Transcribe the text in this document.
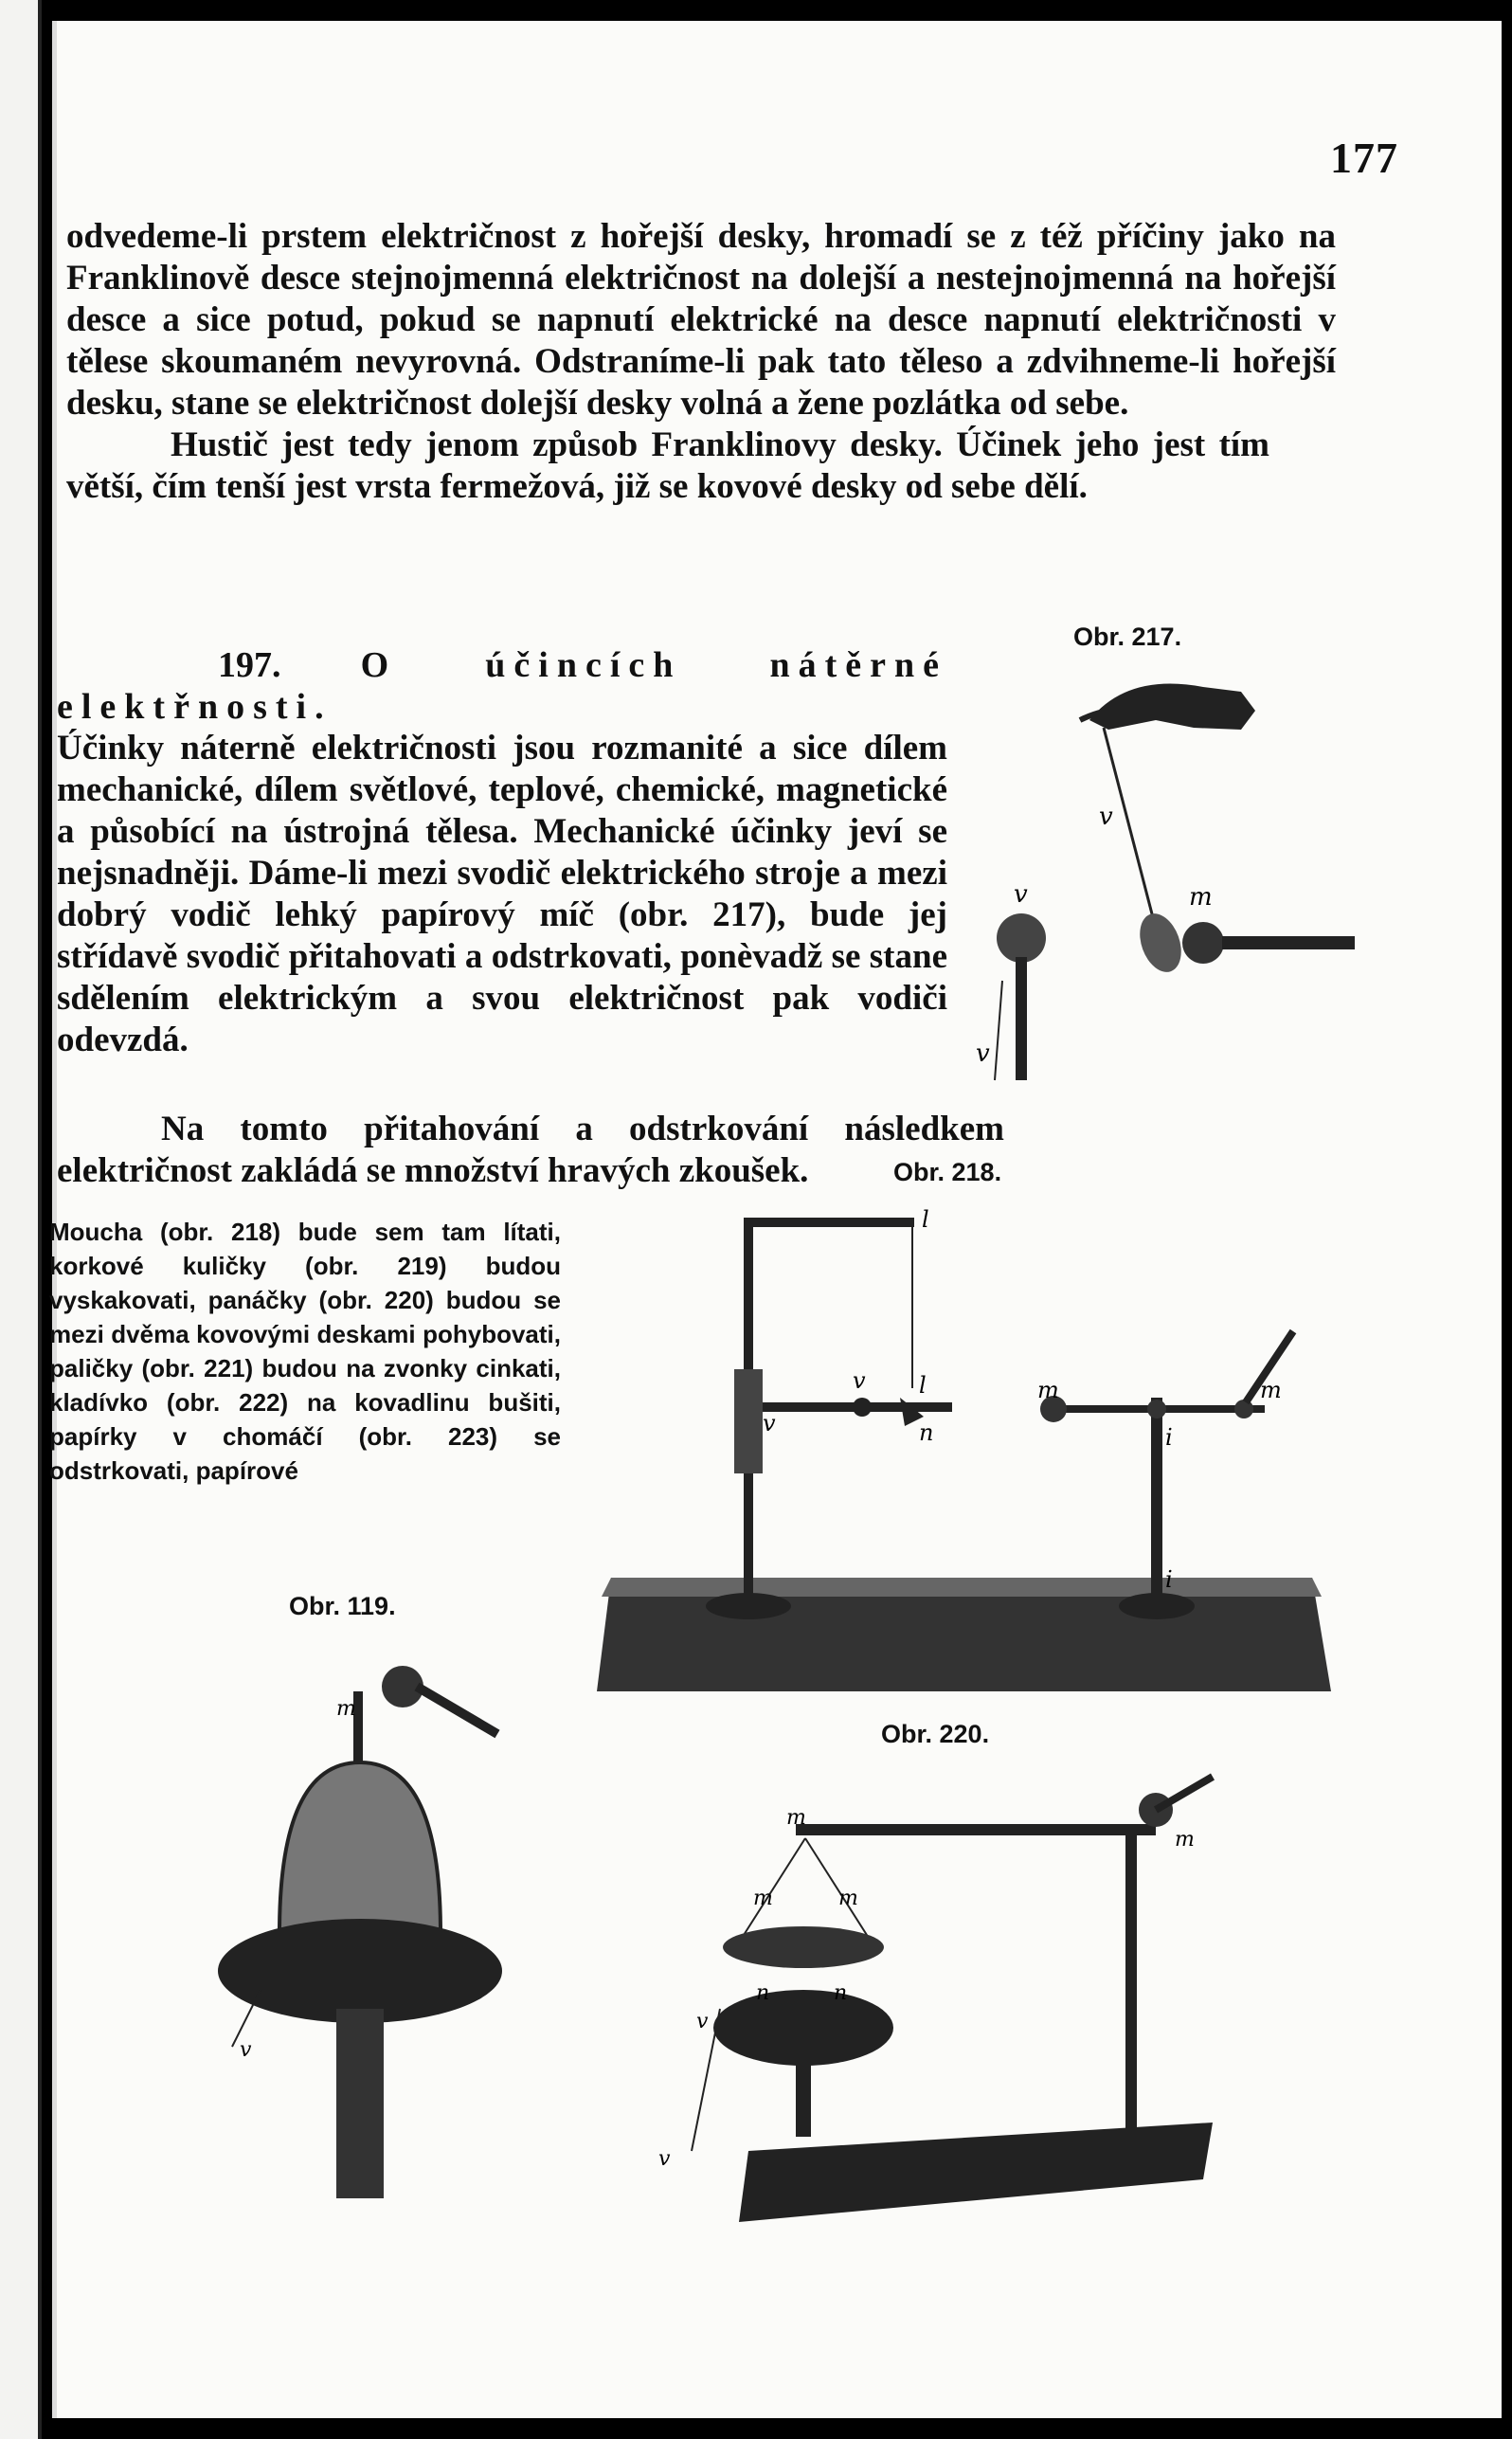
177
odvedeme-li prstem električnost z hořejší desky, hromadí se z též příčiny jako na Franklinově desce stejnojmenná električnost na dolejší a nestejnojmenná na hořejší desce a sice potud, pokud se napnutí elektrické na desce napnutí električnosti v tělese skoumaném nevyrovná. Odstraníme-li pak tato těleso a zdvihneme-li hořejší desku, stane se električnost dolejší desky volná a žene pozlátka od sebe.
Hustič jest tedy jenom způsob Franklinovy desky. Účinek jeho jest tím větší, čím tenší jest vrsta fermežová, již se kovové desky od sebe dělí.
197. O účincích nátěrné elektřnosti.
Účinky náterně električnosti jsou rozmanité a sice dílem mechanické, dílem světlové, teplové, chemické, magnetické a působící na ústrojná tělesa. Mechanické účinky jeví se nejsnadněji. Dáme-li mezi svodič elektrického stroje a mezi dobrý vodič lehký papírový míč (obr. 217), bude jej střídavě svodič přitahovati a odstrkovati, ponèvadž se stane sdělením elektrickým a svou električnost pak vodiči odevzdá.
Na tomto přitahování a odstrkování následkem električnost zakládá se množství hravých zkoušek.
Moucha (obr. 218) bude sem tam lítati, korkové kuličky (obr. 219) budou vyskakovati, panáčky (obr. 220) budou se mezi dvěma kovovými deskami pohybovati, paličky (obr. 221) budou na zvonky cinkati, kladívko (obr. 222) na kovadlinu bušiti, papírky v chomáčí (obr. 223) se odstrkovati, papírové
Obr. 217.
v
m
v
v
Obr. 218.
l
v l
n
v
m	m
i
i
Obr. 119.
m
v
Obr. 220.
m
m
m	m
n	n
v
v
